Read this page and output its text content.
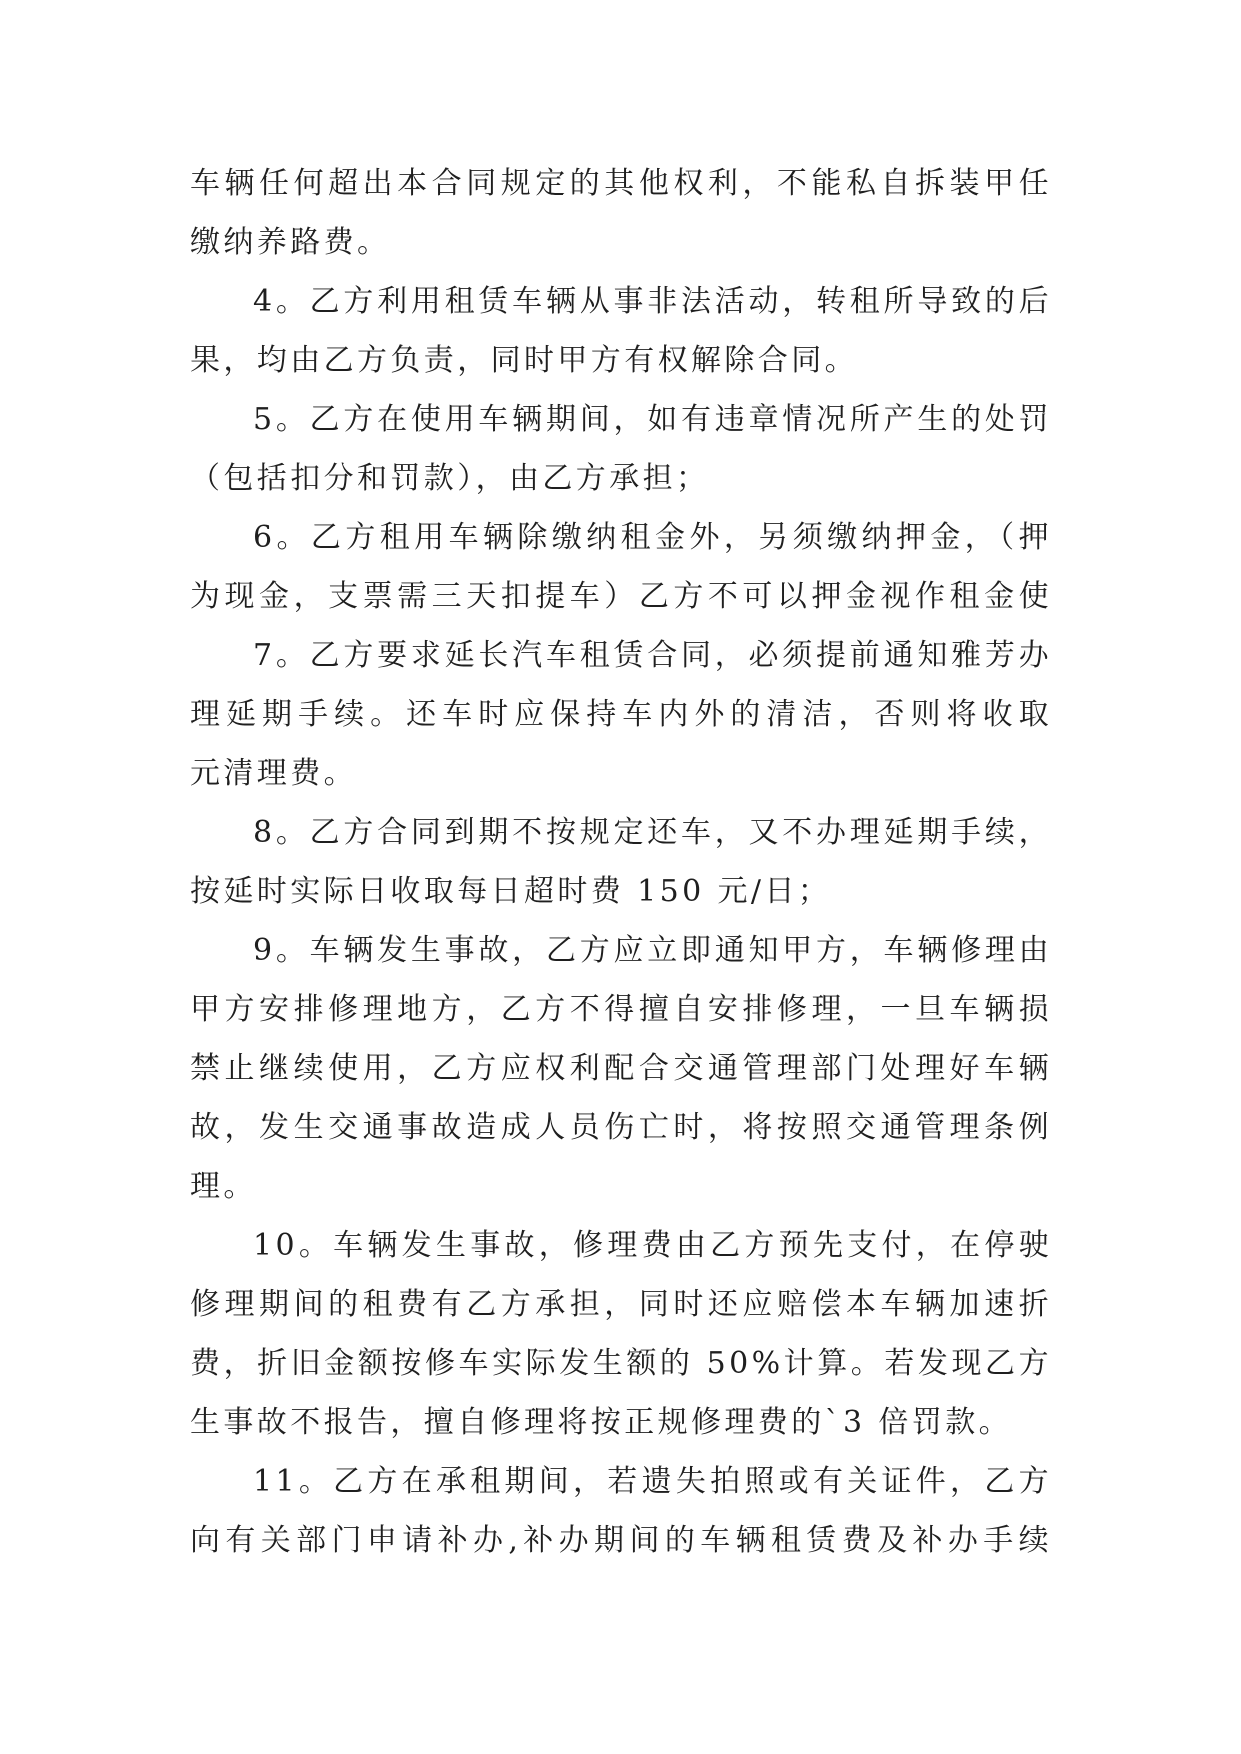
车辆任何超出本合同规定的其他权利，不能私自拆装甲任
缴纳养路费。
4。乙方利用租赁车辆从事非法活动，转租所导致的后
果，均由乙方负责，同时甲方有权解除合同。
5。乙方在使用车辆期间，如有违章情况所产生的处罚
（包括扣分和罚款），由乙方承担；
6。乙方租用车辆除缴纳租金外，另须缴纳押金，（押
为现金，支票需三天扣提车）乙方不可以押金视作租金使
7。乙方要求延长汽车租赁合同，必须提前通知雅芳办
理延期手续。还车时应保持车内外的清洁，否则将收取
元清理费。
8。乙方合同到期不按规定还车，又不办理延期手续，
按延时实际日收取每日超时费 150 元/日；
9。车辆发生事故，乙方应立即通知甲方，车辆修理由
甲方安排修理地方，乙方不得擅自安排修理，一旦车辆损
禁止继续使用，乙方应权利配合交通管理部门处理好车辆
故，发生交通事故造成人员伤亡时，将按照交通管理条例
理。
10。车辆发生事故，修理费由乙方预先支付，在停驶
修理期间的租费有乙方承担，同时还应赔偿本车辆加速折
费，折旧金额按修车实际发生额的 50%计算。若发现乙方
生事故不报告，擅自修理将按正规修理费的`3 倍罚款。
11。乙方在承租期间，若遗失拍照或有关证件，乙方
向有关部门申请补办,补办期间的车辆租赁费及补办手续
